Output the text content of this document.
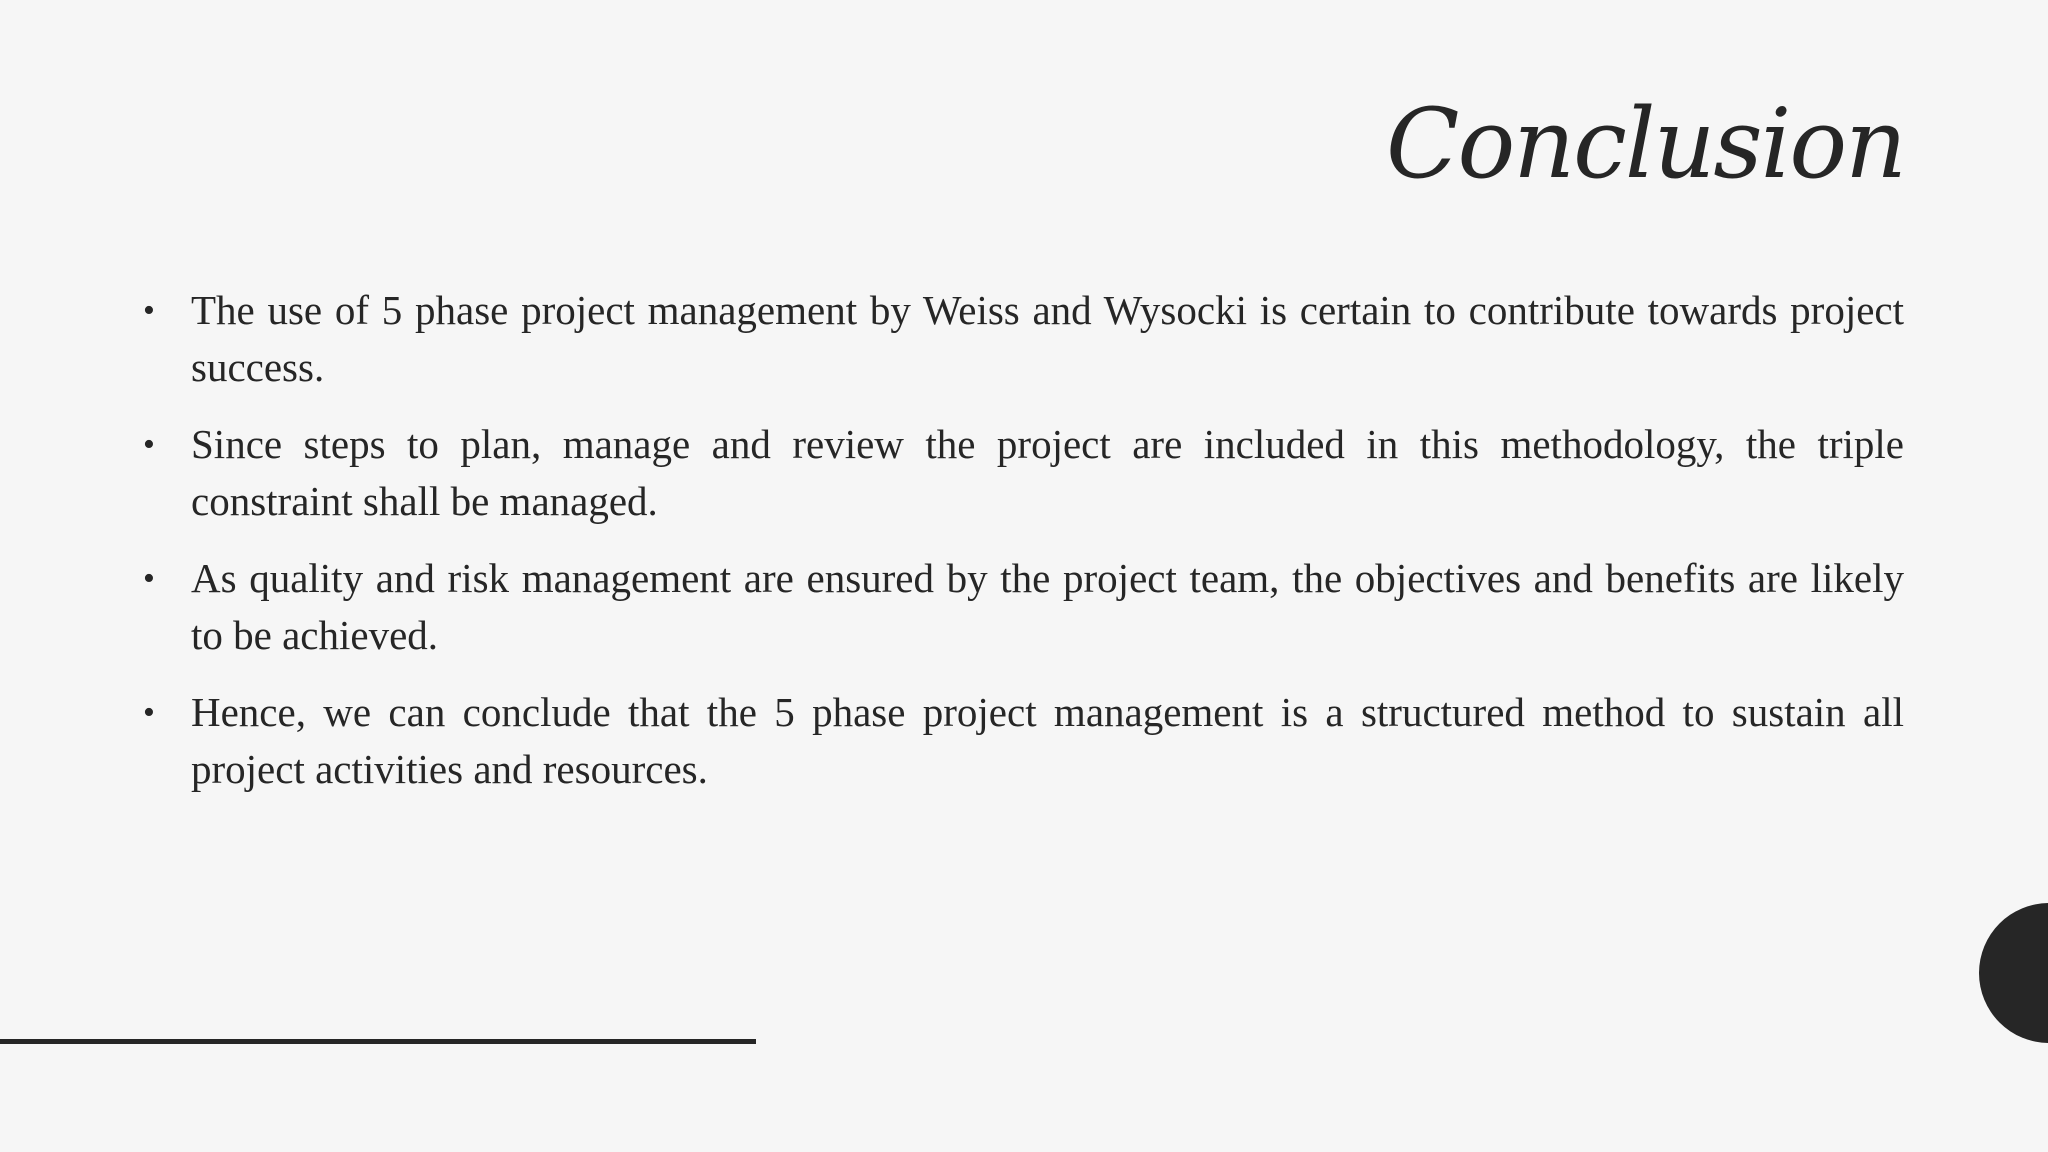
Conclusion
• The use of 5 phase project management by Weiss and Wysocki is certain to contribute towards project success.
• Since steps to plan, manage and review the project are included in this methodology, the triple constraint shall be managed.
• As quality and risk management are ensured by the project team, the objectives and benefits are likely to be achieved.
• Hence, we can conclude that the 5 phase project management is a structured method to sustain all project activities and resources.
